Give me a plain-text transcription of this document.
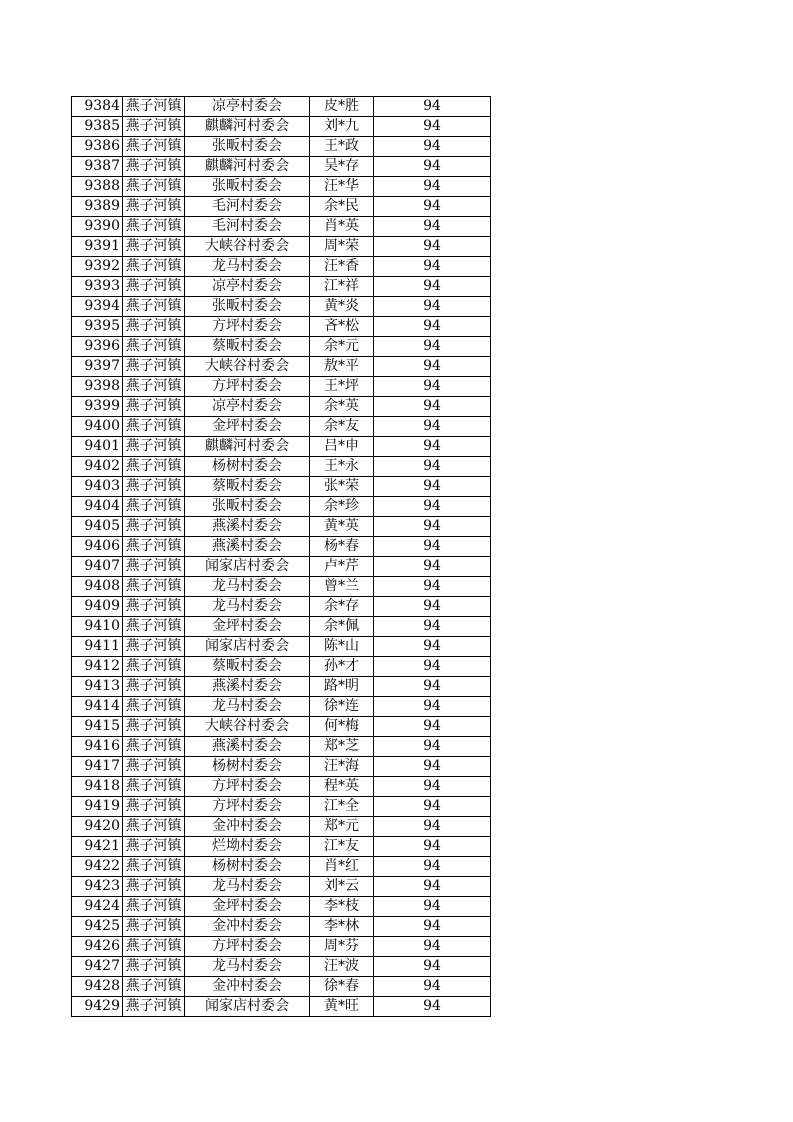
9384	燕子河镇	凉亭村委会	皮*胜	94
9385	燕子河镇	麒麟河村委会	刘*九	94
9386	燕子河镇	张畈村委会	王*政	94
9387	燕子河镇	麒麟河村委会	吴*存	94
9388	燕子河镇	张畈村委会	汪*华	94
9389	燕子河镇	毛河村委会	余*民	94
9390	燕子河镇	毛河村委会	肖*英	94
9391	燕子河镇	大峡谷村委会	周*荣	94
9392	燕子河镇	龙马村委会	汪*香	94
9393	燕子河镇	凉亭村委会	江*祥	94
9394	燕子河镇	张畈村委会	黄*炎	94
9395	燕子河镇	方坪村委会	吝*松	94
9396	燕子河镇	蔡畈村委会	余*元	94
9397	燕子河镇	大峡谷村委会	敖*平	94
9398	燕子河镇	方坪村委会	王*坪	94
9399	燕子河镇	凉亭村委会	余*英	94
9400	燕子河镇	金坪村委会	余*友	94
9401	燕子河镇	麒麟河村委会	吕*申	94
9402	燕子河镇	杨树村委会	王*永	94
9403	燕子河镇	蔡畈村委会	张*荣	94
9404	燕子河镇	张畈村委会	余*珍	94
9405	燕子河镇	燕溪村委会	黄*英	94
9406	燕子河镇	燕溪村委会	杨*春	94
9407	燕子河镇	闻家店村委会	卢*芹	94
9408	燕子河镇	龙马村委会	曾*兰	94
9409	燕子河镇	龙马村委会	余*存	94
9410	燕子河镇	金坪村委会	余*佩	94
9411	燕子河镇	闻家店村委会	陈*山	94
9412	燕子河镇	蔡畈村委会	孙*才	94
9413	燕子河镇	燕溪村委会	路*明	94
9414	燕子河镇	龙马村委会	徐*连	94
9415	燕子河镇	大峡谷村委会	何*梅	94
9416	燕子河镇	燕溪村委会	郑*芝	94
9417	燕子河镇	杨树村委会	汪*海	94
9418	燕子河镇	方坪村委会	程*英	94
9419	燕子河镇	方坪村委会	江*全	94
9420	燕子河镇	金冲村委会	郑*元	94
9421	燕子河镇	烂坳村委会	江*友	94
9422	燕子河镇	杨树村委会	肖*红	94
9423	燕子河镇	龙马村委会	刘*云	94
9424	燕子河镇	金坪村委会	李*枝	94
9425	燕子河镇	金冲村委会	李*林	94
9426	燕子河镇	方坪村委会	周*芬	94
9427	燕子河镇	龙马村委会	汪*波	94
9428	燕子河镇	金冲村委会	徐*春	94
9429	燕子河镇	闻家店村委会	黄*旺	94
